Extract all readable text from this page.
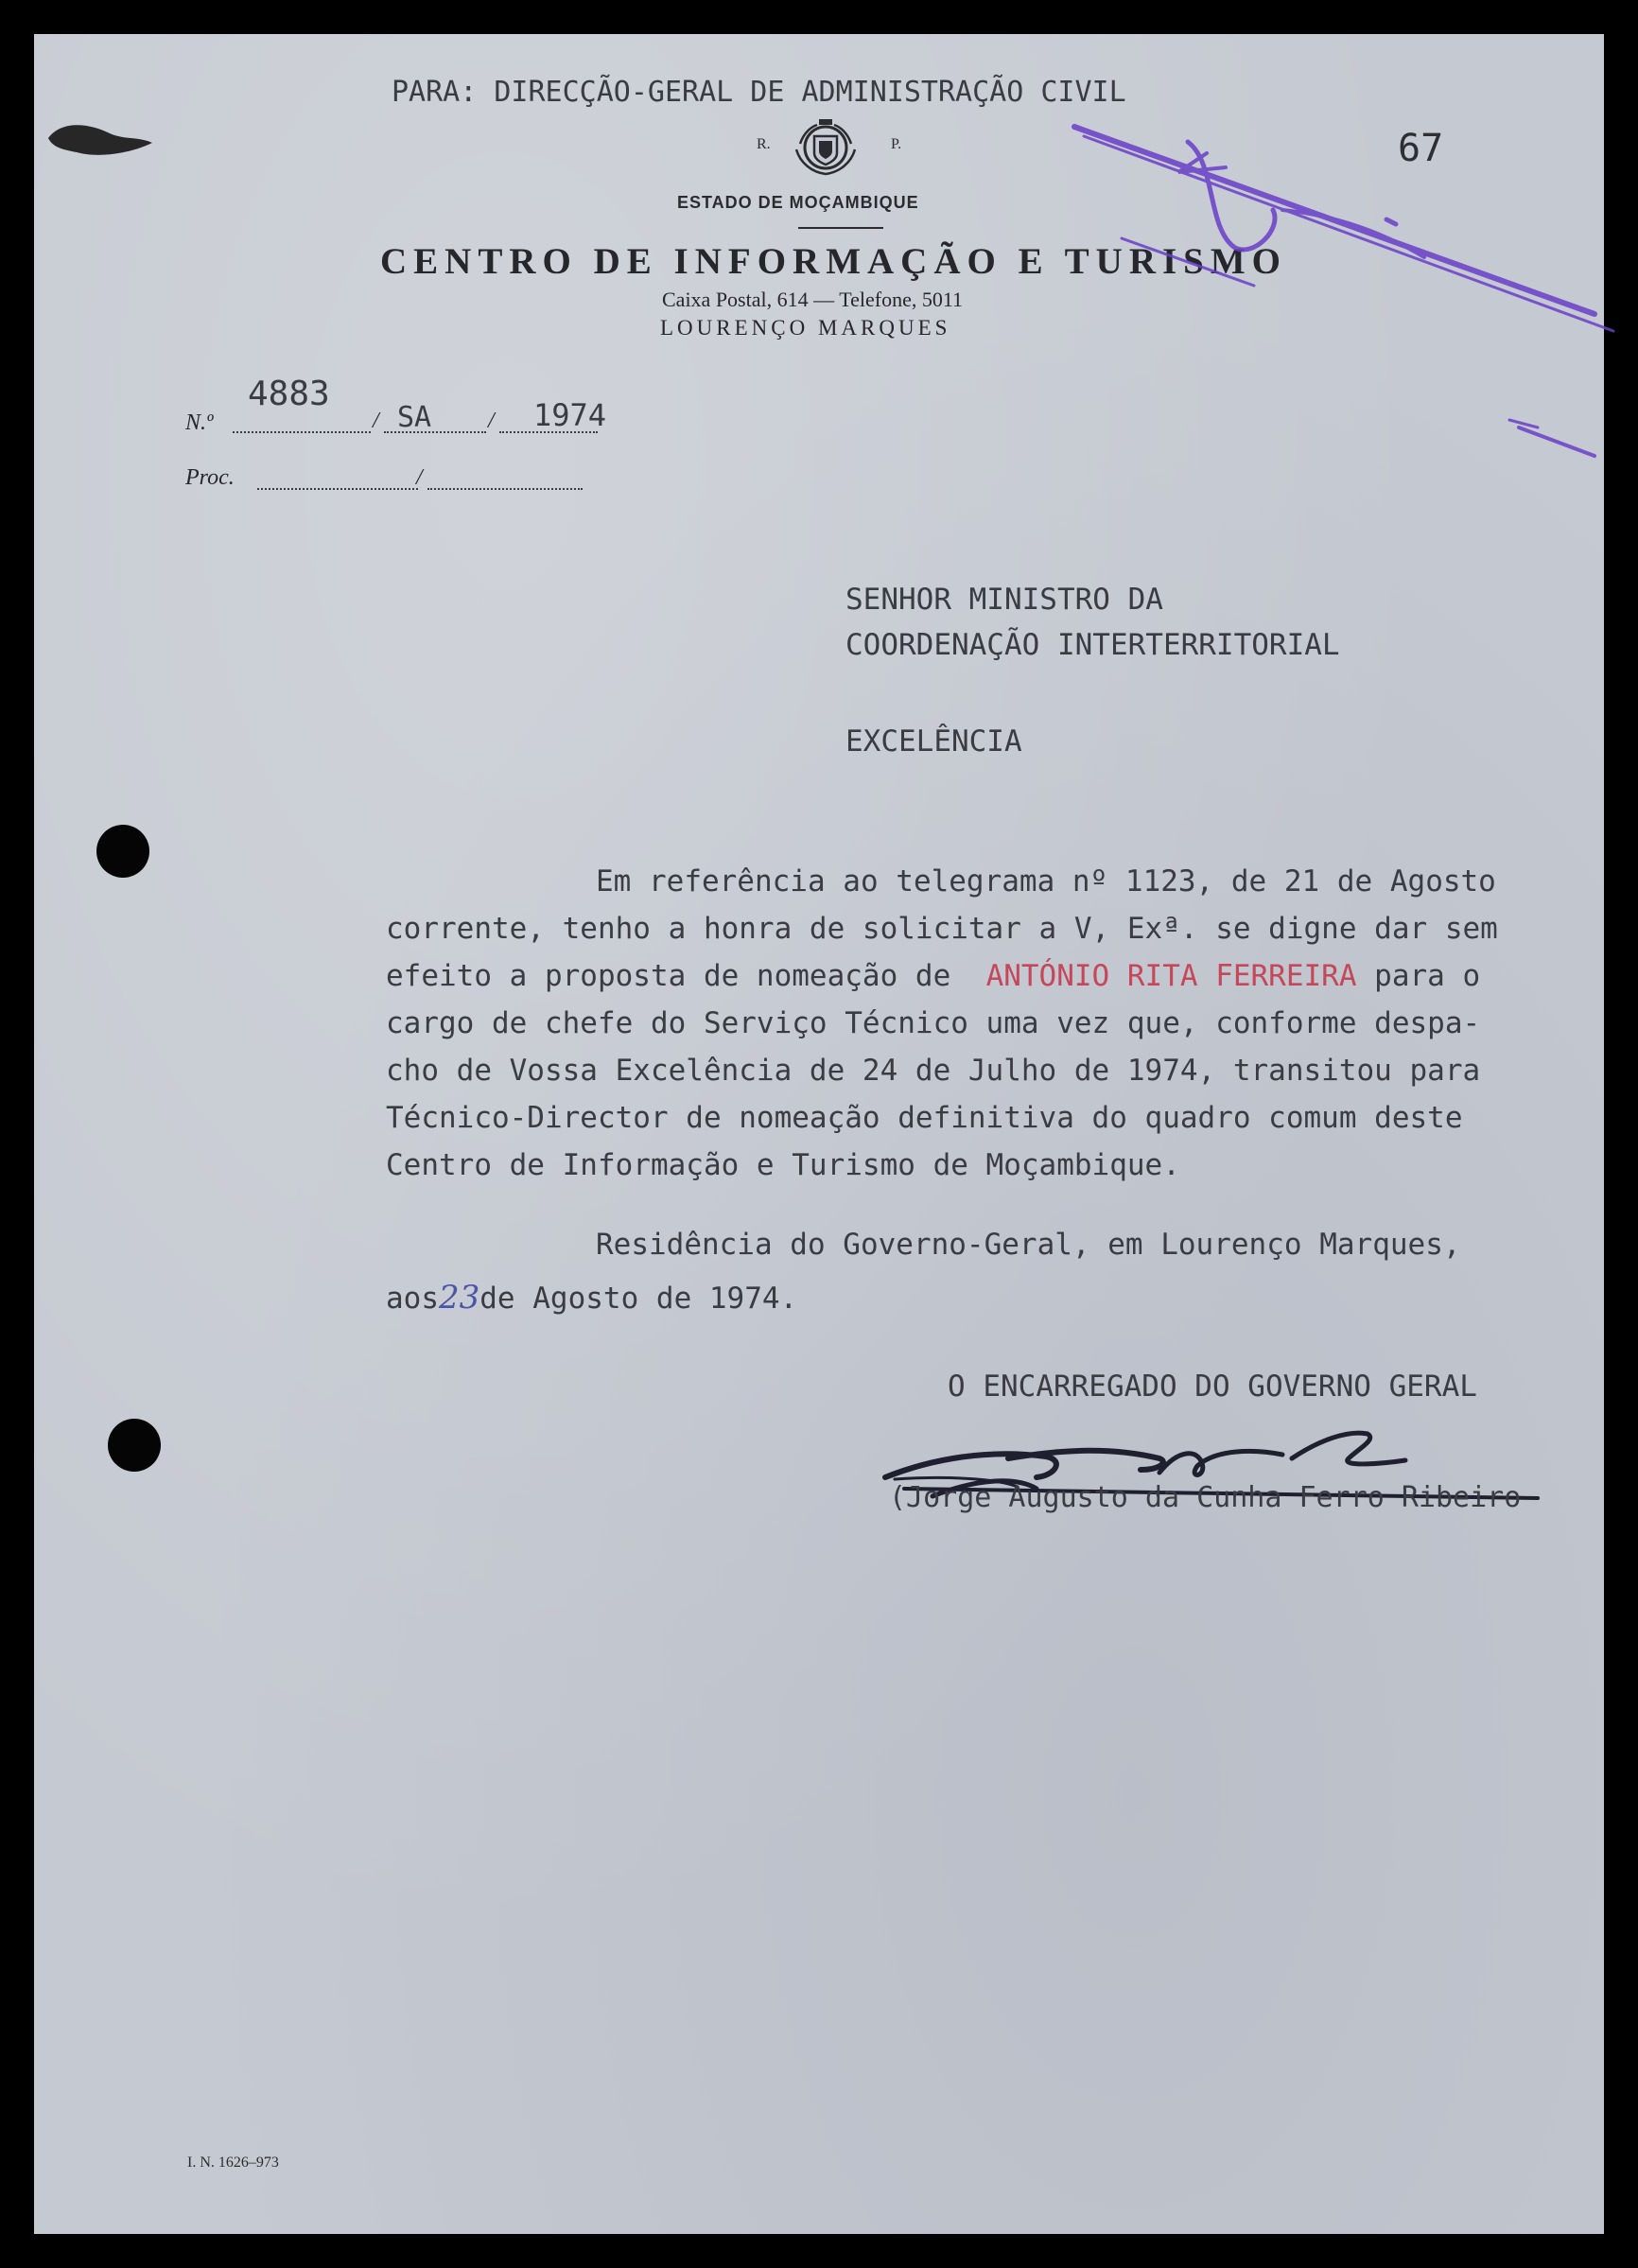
PARA: DIRECÇÃO-GERAL DE ADMINISTRAÇÃO CIVIL
67
R.	P.
ESTADO DE MOÇAMBIQUE
CENTRO DE INFORMAÇÃO E TURISMO
Caixa Postal, 614 — Telefone, 5011
LOURENÇO MARQUES
N.º
4883
/ SA / 1974
Proc.	/
SENHOR MINISTRO DA
COORDENAÇÃO INTERTERRITORIAL
EXCELÊNCIA
Em referência ao telegrama nº 1123, de 21 de Agosto
corrente, tenho a honra de solicitar a V, Exª. se digne dar sem
efeito a proposta de nomeação de ANTÓNIO RITA FERREIRA para o
cargo de chefe do Serviço Técnico uma vez que, conforme despa-
cho de Vossa Excelência de 24 de Julho de 1974, transitou para
Técnico-Director de nomeação definitiva do quadro comum deste
Centro de Informação e Turismo de Moçambique.
Residência do Governo-Geral, em Lourenço Marques,
aos23de Agosto de 1974.
O ENCARREGADO DO GOVERNO GERAL
(Jorge Augusto da Cunha Ferro Ribeiro
I. N. 1626–973
